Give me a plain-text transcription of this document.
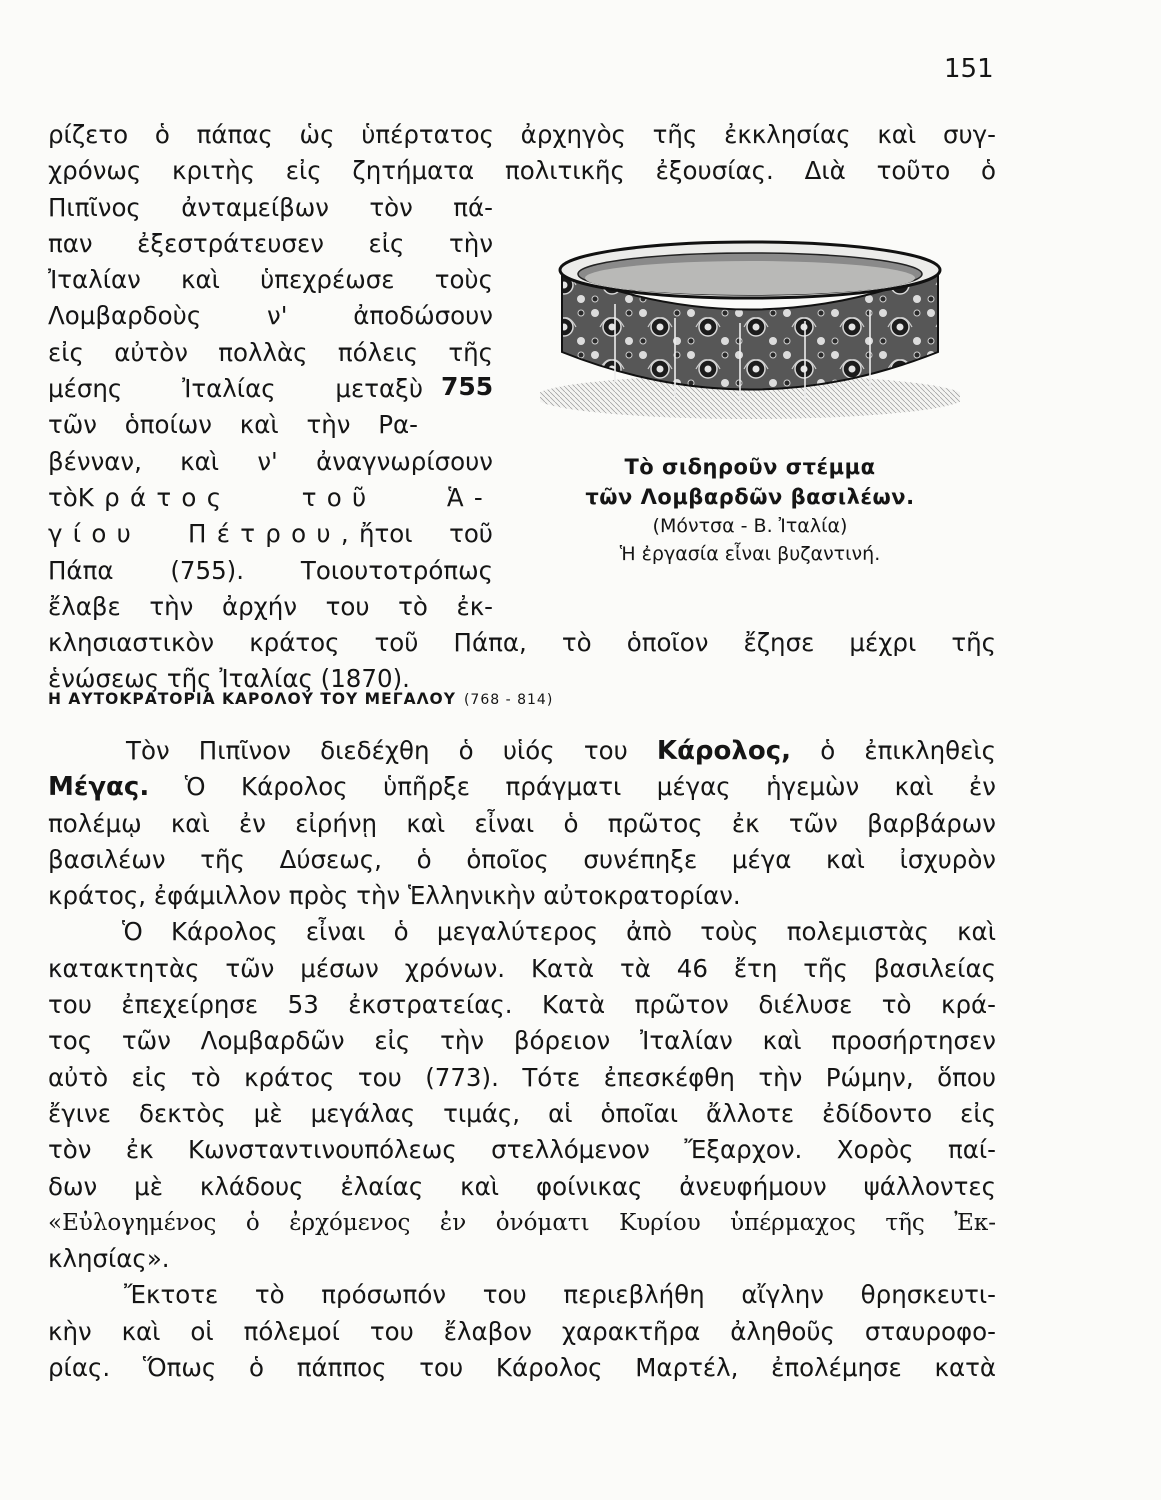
151
ρίζετο ὁ πάπας ὡς ὑπέρτατος ἀρχηγὸς τῆς ἐκκλησίας καὶ συγ-
χρόνως κριτὴς εἰς ζητήματα πολιτικῆς ἐξουσίας. Διὰ τοῦτο ὁ
Πιπῖνος ἀνταμείβων τὸν πά-
παν ἐξεστράτευσεν εἰς τὴν
Ἰταλίαν καὶ ὑπεχρέωσε τοὺς
Λομβαρδοὺς ν' ἀποδώσουν
εἰς αὐτὸν πολλὰς πόλεις τῆς
μέσης Ἰταλίας μεταξὺ
τῶν ὁποίων καὶ τὴν Ρα-
βένναν, καὶ ν' ἀναγνωρίσουν
τὸΚράτος τοῦ Ἁ-
γίου Πέτρου,ἤτοι τοῦ
Πάπα (755). Τοιουτοτρόπως
ἔλαβε τὴν ἀρχήν του τὸ ἐκ-
κλησιαστικὸν κράτος τοῦ Πάπα, τὸ ὁποῖον ἔζησε μέχρι τῆς
ἑνώσεως τῆς Ἰταλίας (1870).
755
Τὸ σιδηροῦν στέμμα
τῶν Λομβαρδῶν βασιλέων.
(Μόντσα - Β. Ἰταλία)
Ἡ ἐργασία εἶναι βυζαντινή.
Η ΑΥΤΟΚΡΑΤΟΡΙΑ ΚΑΡΟΛΟΥ ΤΟΥ ΜΕΓΑΛΟΥ (768 - 814)
Τὸν Πιπῖνον διεδέχθη ὁ υἱός του Κάρολος, ὁ ἐπικληθεὶς
Μέγας. Ὁ Κάρολος ὑπῆρξε πράγματι μέγας ἡγεμὼν καὶ ἐν
πολέμῳ καὶ ἐν εἰρήνῃ καὶ εἶναι ὁ πρῶτος ἐκ τῶν βαρβάρων
βασιλέων τῆς Δύσεως, ὁ ὁποῖος συνέπηξε μέγα καὶ ἰσχυρὸν
κράτος, ἐφάμιλλον πρὸς τὴν Ἑλληνικὴν αὐτοκρατορίαν.
Ὁ Κάρολος εἶναι ὁ μεγαλύτερος ἀπὸ τοὺς πολεμιστὰς καὶ
κατακτητὰς τῶν μέσων χρόνων. Κατὰ τὰ 46 ἔτη τῆς βασιλείας
του ἐπεχείρησε 53 ἐκστρατείας. Κατὰ πρῶτον διέλυσε τὸ κρά-
τος τῶν Λομβαρδῶν εἰς τὴν βόρειον Ἰταλίαν καὶ προσήρτησεν
αὐτὸ εἰς τὸ κράτος του (773). Τότε ἐπεσκέφθη τὴν Ρώμην, ὅπου
ἔγινε δεκτὸς μὲ μεγάλας τιμάς, αἱ ὁποῖαι ἄλλοτε ἐδίδοντο εἰς
τὸν ἐκ Κωνσταντινουπόλεως στελλόμενον Ἔξαρχον. Χορὸς παί-
δων μὲ κλάδους ἐλαίας καὶ φοίνικας ἀνευφήμουν ψάλλοντες
«Εὐλογημένος ὁ ἐρχόμενος ἐν ὀνόματι Κυρίου ὑπέρμαχος τῆς Ἐκ-
κλησίας».
Ἔκτοτε τὸ πρόσωπόν του περιεβλήθη αἴγλην θρησκευτι-
κὴν καὶ οἱ πόλεμοί του ἔλαβον χαρακτῆρα ἀληθοῦς σταυροφο-
ρίας. Ὅπως ὁ πάππος του Κάρολος Μαρτέλ, ἐπολέμησε κατὰ
